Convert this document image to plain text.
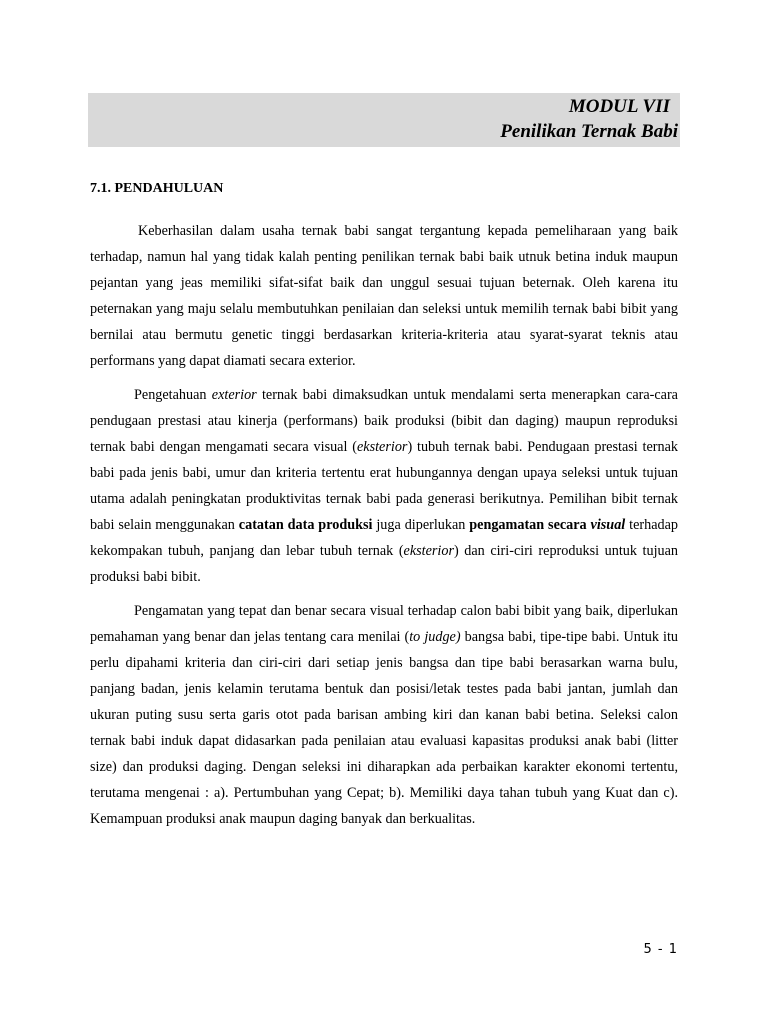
MODUL VII
Penilikan Ternak Babi
7.1. PENDAHULUAN

Keberhasilan dalam usaha ternak babi sangat tergantung kepada pemeliharaan yang baik terhadap, namun hal yang tidak kalah penting penilikan ternak babi baik utnuk betina induk maupun pejantan yang jeas memiliki sifat-sifat baik dan unggul sesuai tujuan beternak. Oleh karena itu peternakan yang maju selalu membutuhkan penilaian dan seleksi untuk memilih ternak babi bibit yang bernilai atau bermutu genetic tinggi berdasarkan kriteria-kriteria atau syarat-syarat teknis atau performans yang dapat diamati secara exterior.

Pengetahuan exterior ternak babi dimaksudkan untuk mendalami serta menerapkan cara-cara pendugaan prestasi atau kinerja (performans) baik produksi (bibit dan daging) maupun reproduksi ternak babi dengan mengamati secara visual (eksterior) tubuh ternak babi. Pendugaan prestasi ternak babi pada jenis babi, umur dan kriteria tertentu erat hubungannya dengan upaya seleksi untuk tujuan utama adalah peningkatan produktivitas ternak babi pada generasi berikutnya. Pemilihan bibit ternak babi selain menggunakan catatan data produksi juga diperlukan pengamatan secara visual terhadap kekompakan tubuh, panjang dan lebar tubuh ternak (eksterior) dan ciri-ciri reproduksi untuk tujuan produksi babi bibit.

Pengamatan yang tepat dan benar secara visual terhadap calon babi bibit yang baik, diperlukan pemahaman yang benar dan jelas tentang cara menilai (to judge) bangsa babi, tipe-tipe babi. Untuk itu perlu dipahami kriteria dan ciri-ciri dari setiap jenis bangsa dan tipe babi berasarkan warna bulu, panjang badan, jenis kelamin terutama bentuk dan posisi/letak testes pada babi jantan, jumlah dan ukuran puting susu serta garis otot pada barisan ambing kiri dan kanan babi betina. Seleksi calon ternak babi induk dapat didasarkan pada penilaian atau evaluasi kapasitas produksi anak babi (litter size) dan produksi daging. Dengan seleksi ini diharapkan ada perbaikan karakter ekonomi tertentu, terutama mengenai : a). Pertumbuhan yang Cepat; b). Memiliki daya tahan tubuh yang Kuat dan c). Kemampuan produksi anak maupun daging banyak dan berkualitas.

5 - 1
